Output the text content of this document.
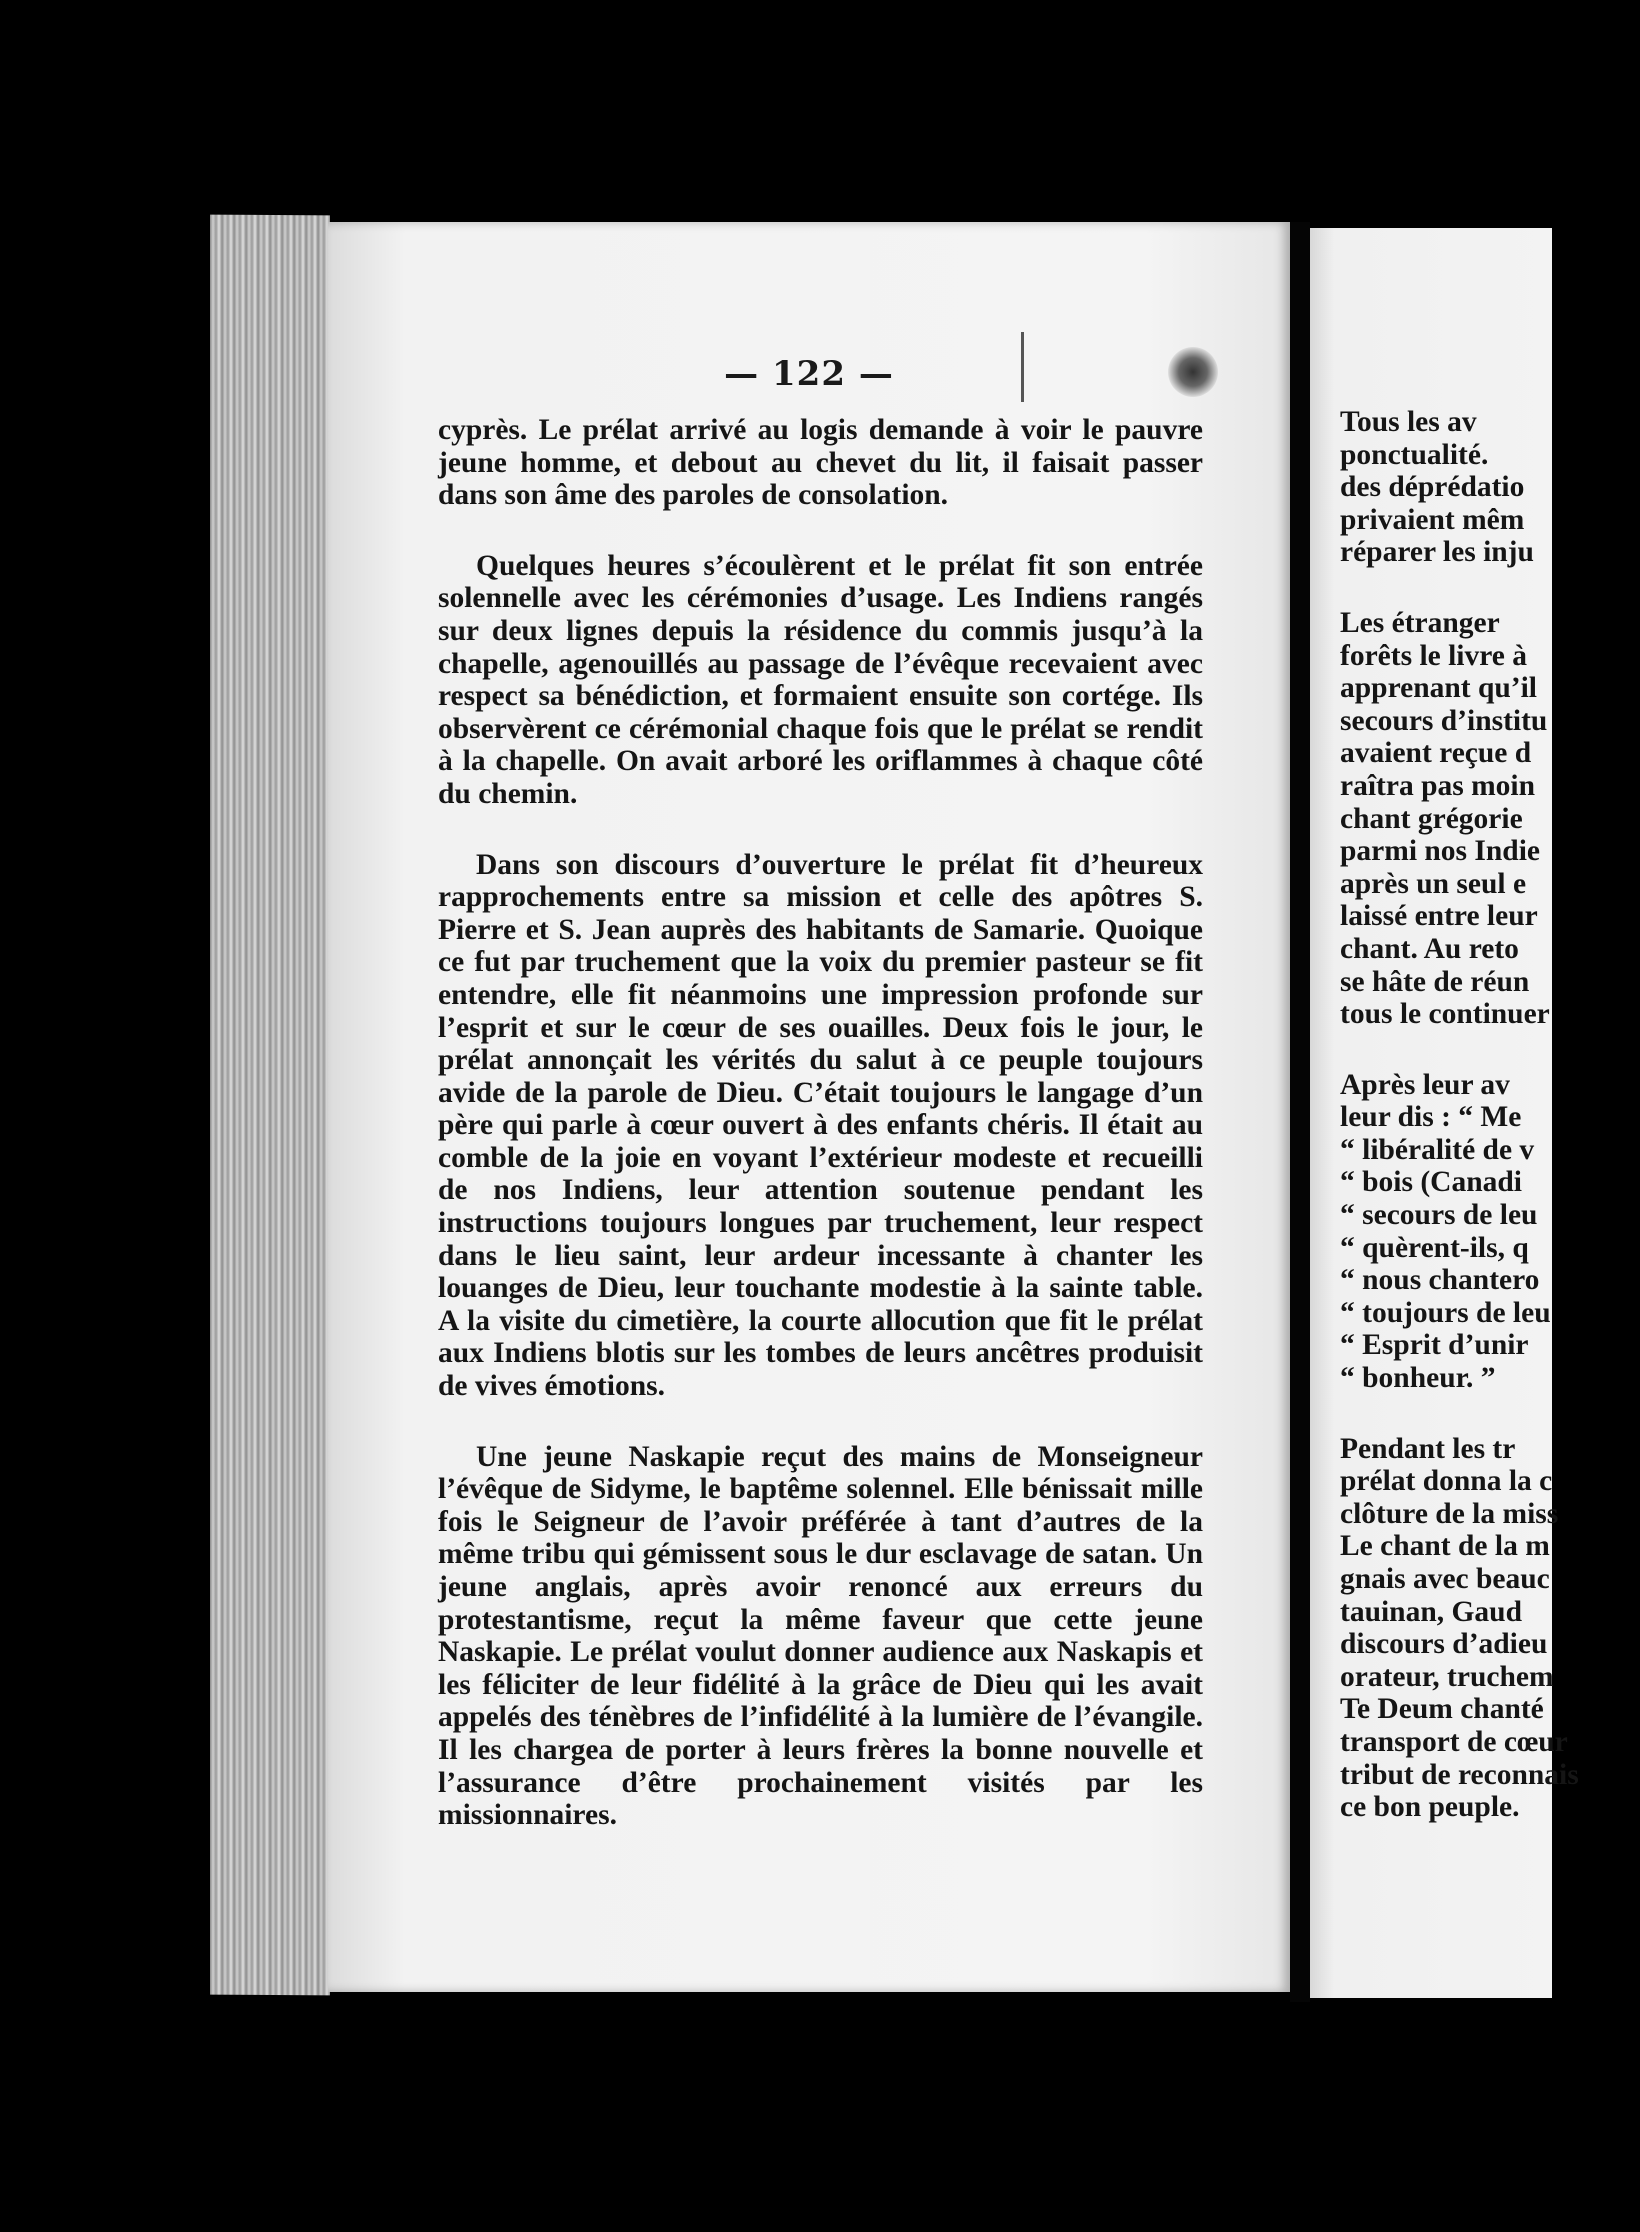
— 122 —

cyprès. Le prélat arrivé au logis demande à voir le pauvre jeune homme, et debout au chevet du lit, il faisait passer dans son âme des paroles de consolation.

Quelques heures s’écoulèrent et le prélat fit son entrée solennelle avec les cérémonies d’usage. Les Indiens rangés sur deux lignes depuis la résidence du commis jusqu’à la chapelle, agenouillés au passage de l’évêque recevaient avec respect sa bénédiction, et formaient ensuite son cortége. Ils observèrent ce cérémonial chaque fois que le prélat se rendit à la chapelle. On avait arboré les oriflammes à chaque côté du chemin.

Dans son discours d’ouverture le prélat fit d’heureux rapprochements entre sa mission et celle des apôtres S. Pierre et S. Jean auprès des habitants de Samarie. Quoique ce fut par truchement que la voix du premier pasteur se fit entendre, elle fit néanmoins une impression profonde sur l’esprit et sur le cœur de ses ouailles. Deux fois le jour, le prélat annonçait les vérités du salut à ce peuple toujours avide de la parole de Dieu. C’était toujours le langage d’un père qui parle à cœur ouvert à des enfants chéris. Il était au comble de la joie en voyant l’extérieur modeste et recueilli de nos Indiens, leur attention soutenue pendant les instructions toujours longues par truchement, leur respect dans le lieu saint, leur ardeur incessante à chanter les louanges de Dieu, leur touchante modestie à la sainte table. A la visite du cimetière, la courte allocution que fit le prélat aux Indiens blotis sur les tombes de leurs ancêtres produisit de vives émotions.

Une jeune Naskapie reçut des mains de Monseigneur l’évêque de Sidyme, le baptême solennel. Elle bénissait mille fois le Seigneur de l’avoir préférée à tant d’autres de la même tribu qui gémissent sous le dur esclavage de satan. Un jeune anglais, après avoir renoncé aux erreurs du protestantisme, reçut la même faveur que cette jeune Naskapie. Le prélat voulut donner audience aux Naskapis et les féliciter de leur fidélité à la grâce de Dieu qui les avait appelés des ténèbres de l’infidélité à la lumière de l’évangile. Il les chargea de porter à leurs frères la bonne nouvelle et l’assurance d’être prochainement visités par les missionnaires.

Tous les av
ponctualité.
des déprédatio
privaient mêm
réparer les inju
Les étranger
forêts le livre à
apprenant qu’il
secours d’institu
avaient reçue d
raîtra pas moin
chant grégorie
parmi nos Indie
après un seul e
laissé entre leur
chant. Au reto
se hâte de réun
tous le continuer
Après leur av
leur dis : “ Me
“ libéralité de v
“ bois (Canadi
“ secours de leu
“ quèrent-ils, q
“ nous chantero
“ toujours de leu
“ Esprit d’unir
“ bonheur. ”
Pendant les tr
prélat donna la c
clôture de la miss
Le chant de la m
gnais avec beauc
tauinan, Gaud
discours d’adieu
orateur, truchem
Te Deum chanté
transport de cœur
tribut de reconnais
ce bon peuple.
